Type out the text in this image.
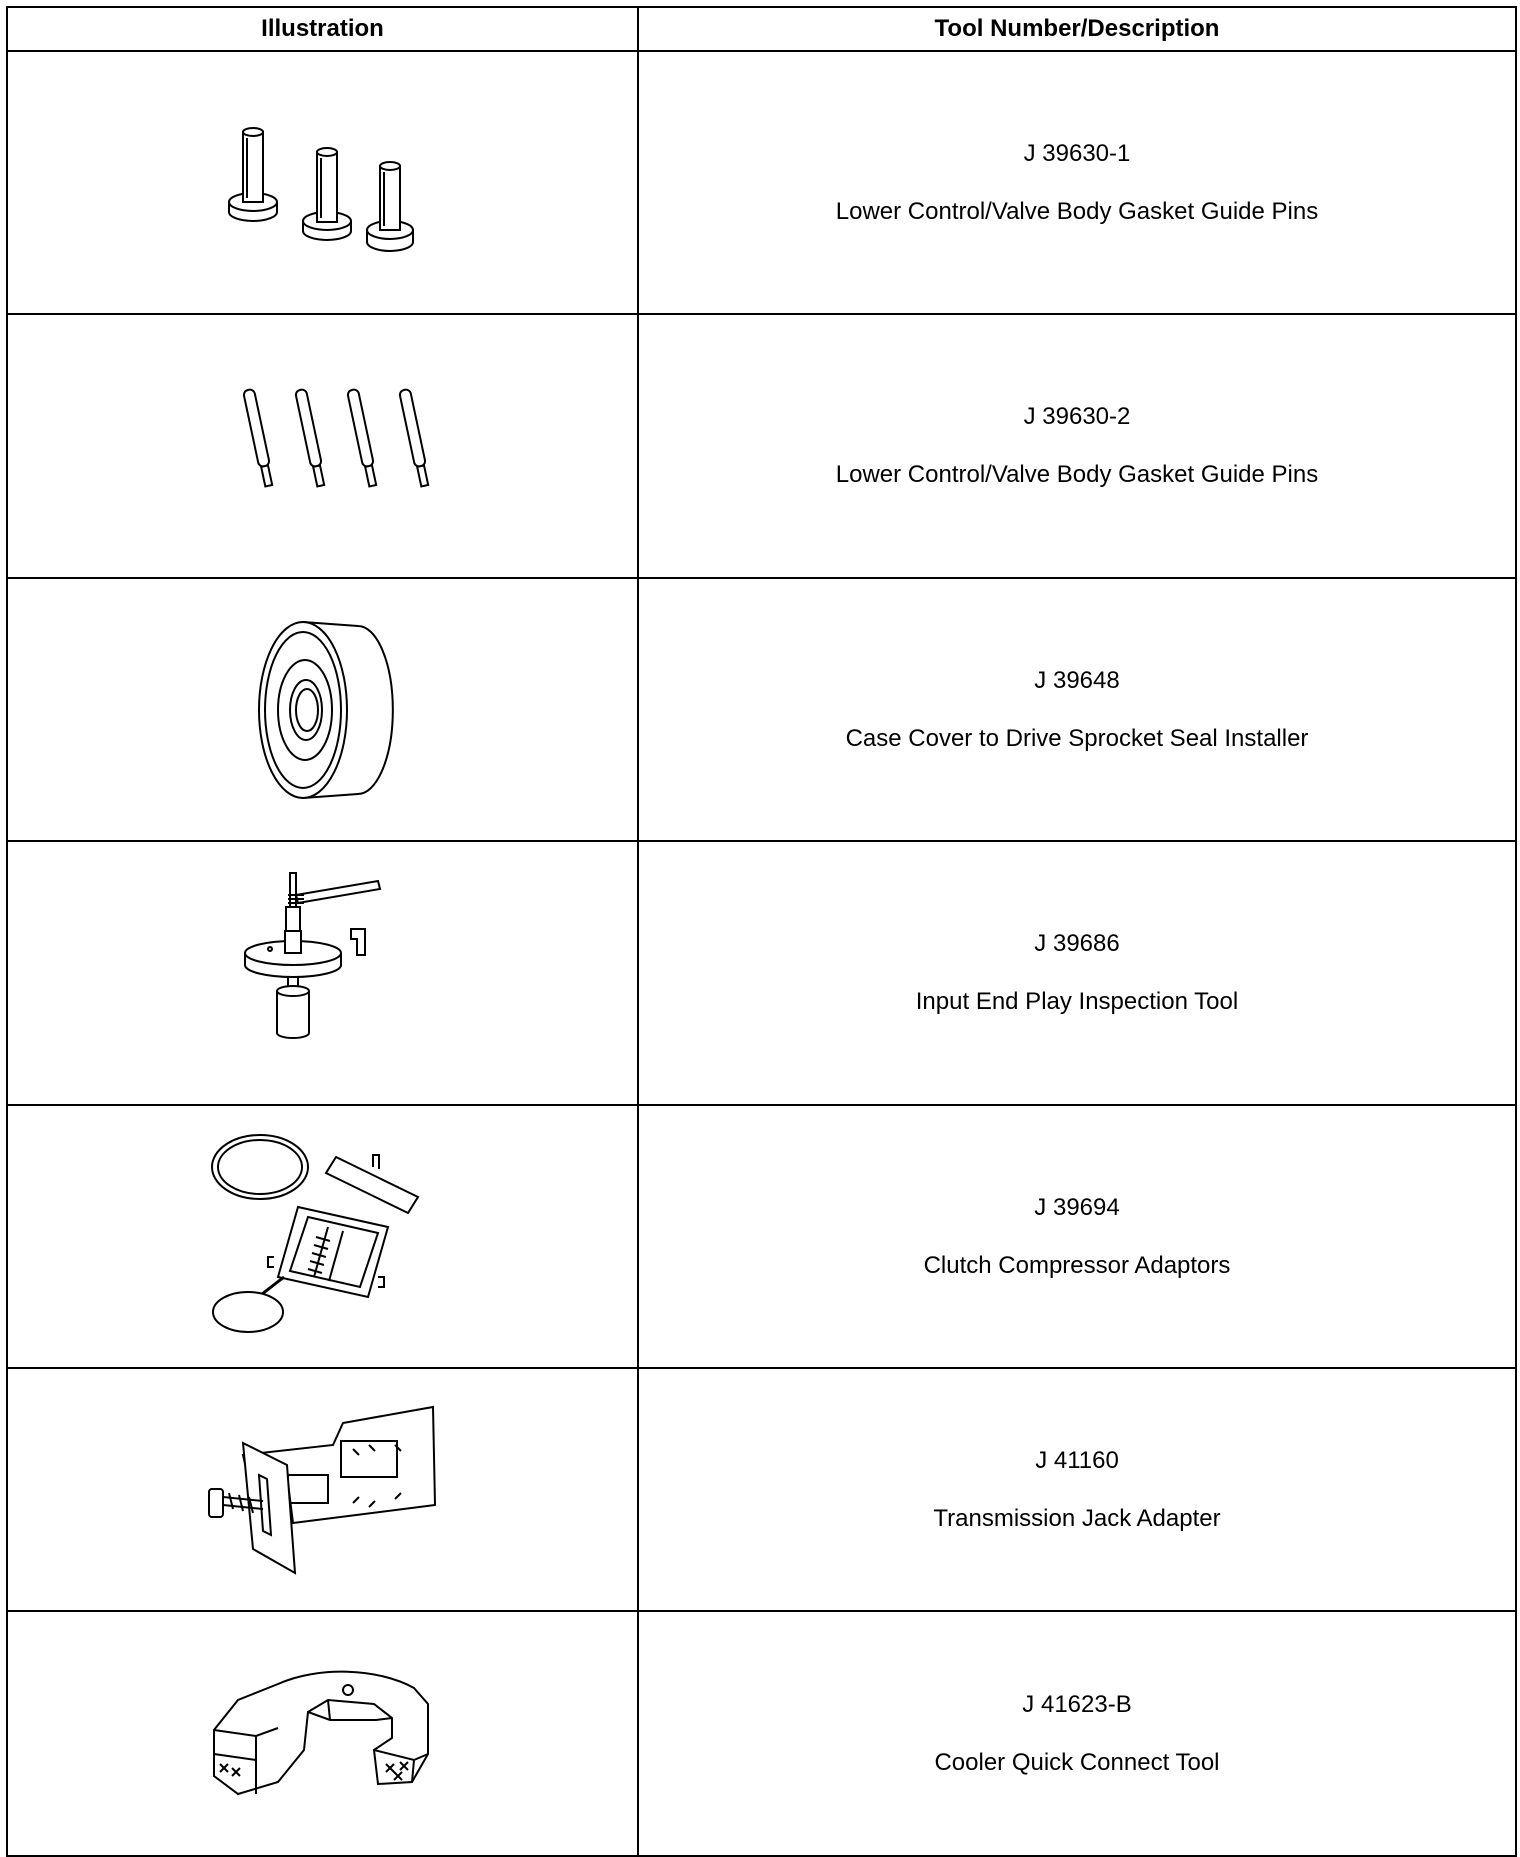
Illustration	Tool Number/Description

J 39630-1
Lower Control/Valve Body Gasket Guide Pins

J 39630-2
Lower Control/Valve Body Gasket Guide Pins

J 39648
Case Cover to Drive Sprocket Seal Installer

J 39686
Input End Play Inspection Tool

J 39694
Clutch Compressor Adaptors

J 41160
Transmission Jack Adapter

J 41623-B
Cooler Quick Connect Tool
